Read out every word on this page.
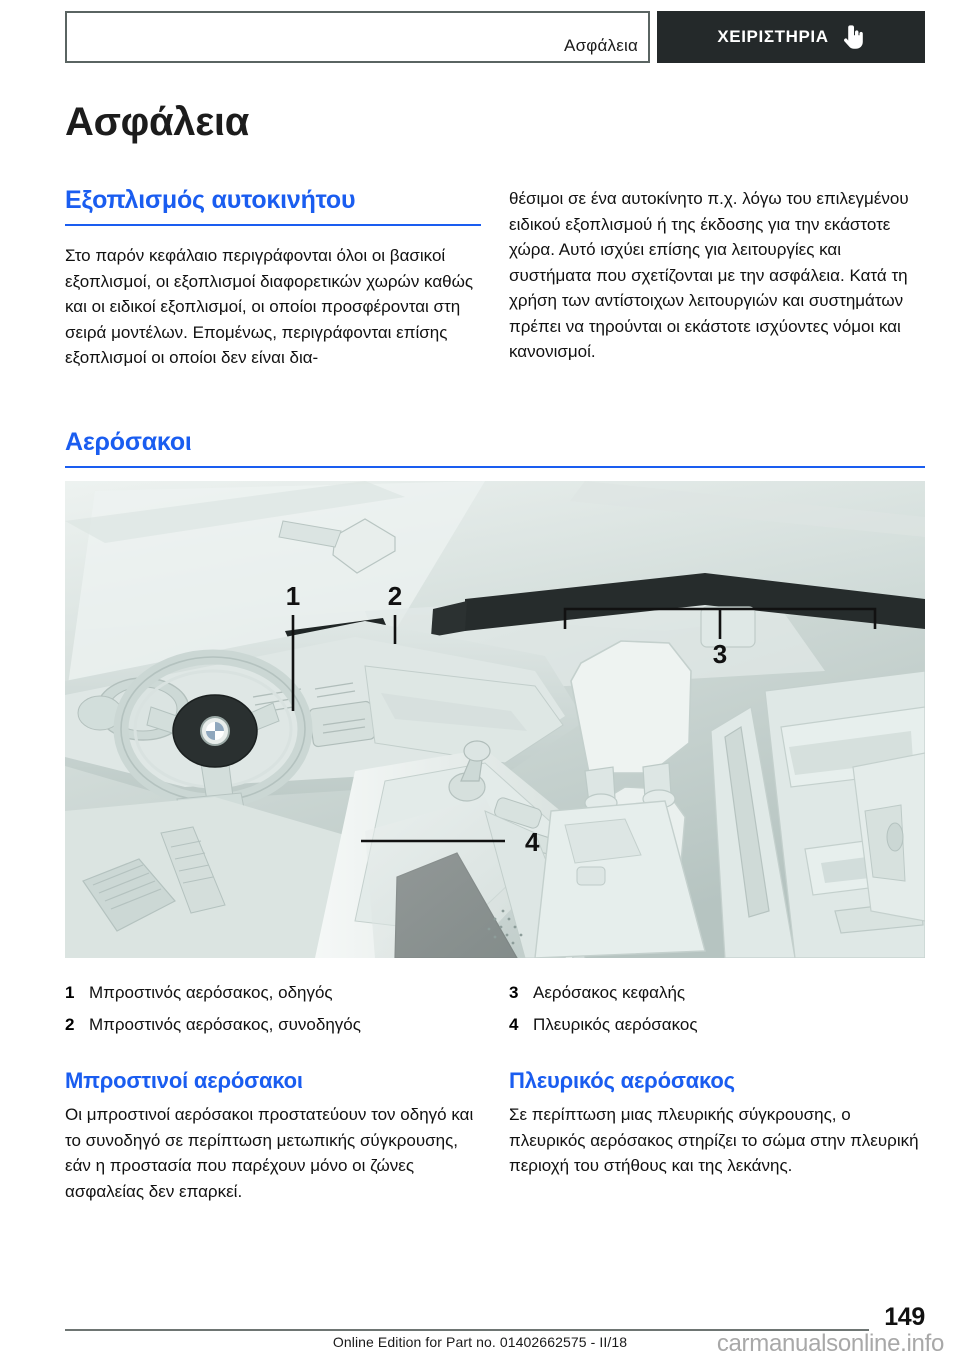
Ασφάλεια	ΧΕΙΡΙΣΤΗΡΙΑ
Ασφάλεια
Εξοπλισμός αυτοκινήτου

Στο παρόν κεφάλαιο περιγράφονται όλοι οι βασικοί εξοπλισμοί, οι εξοπλισμοί διαφορετικών χωρών καθώς και οι ειδικοί εξοπλισμοί, οι οποίοι προσφέρονται στη σειρά μοντέλων. Επομένως, περιγράφονται επίσης εξοπλισμοί οι οποίοι δεν είναι δια-

θέσιμοι σε ένα αυτοκίνητο π.χ. λόγω του επιλεγμένου ειδικού εξοπλισμού ή της έκδοσης για την εκάστοτε χώρα. Αυτό ισχύει επίσης για λειτουργίες και συστήματα που σχετίζονται με την ασφάλεια. Κατά τη χρήση των αντίστοιχων λειτουργιών και συστημάτων πρέπει να τηρούνται οι εκάστοτε ισχύοντες νόμοι και κανονισμοί.

Αερόσακοι
1	2
3
4
1 Μπροστινός αερόσακος, οδηγός
2 Μπροστινός αερόσακος, συνοδηγός
3 Αερόσακος κεφαλής
4 Πλευρικός αερόσακος
Μπροστινοί αερόσακοι

Οι μπροστινοί αερόσακοι προστατεύουν τον οδηγό και το συνοδηγό σε περίπτωση μετωπικής σύγκρουσης, εάν η προστασία που παρέχουν μόνο οι ζώνες ασφαλείας δεν επαρκεί.

Πλευρικός αερόσακος

Σε περίπτωση μιας πλευρικής σύγκρουσης, ο πλευρικός αερόσακος στηρίζει το σώμα στην πλευρική περιοχή του στήθους και της λεκάνης.

149
Online Edition for Part no. 01402662575 - II/18	carmanualsonline.info
